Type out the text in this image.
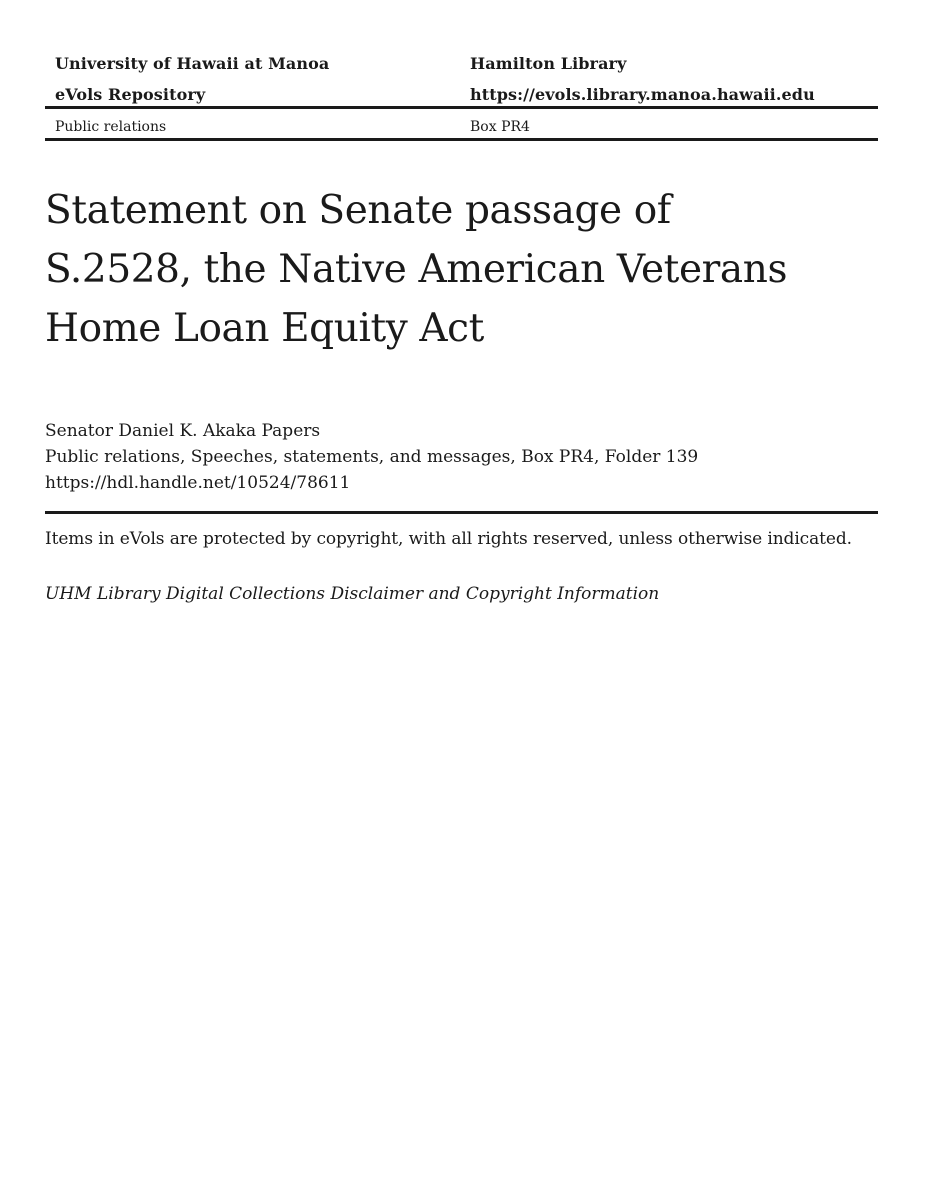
University of Hawaii at Manoa	Hamilton Library
eVols Repository	https://evols.library.manoa.hawaii.edu
Public relations	Box PR4
Statement on Senate passage of
S.2528, the Native American Veterans
Home Loan Equity Act
Senator Daniel K. Akaka Papers
Public relations, Speeches, statements, and messages, Box PR4, Folder 139
https://hdl.handle.net/10524/78611
Items in eVols are protected by copyright, with all rights reserved, unless otherwise indicated.
UHM Library Digital Collections Disclaimer and Copyright Information
